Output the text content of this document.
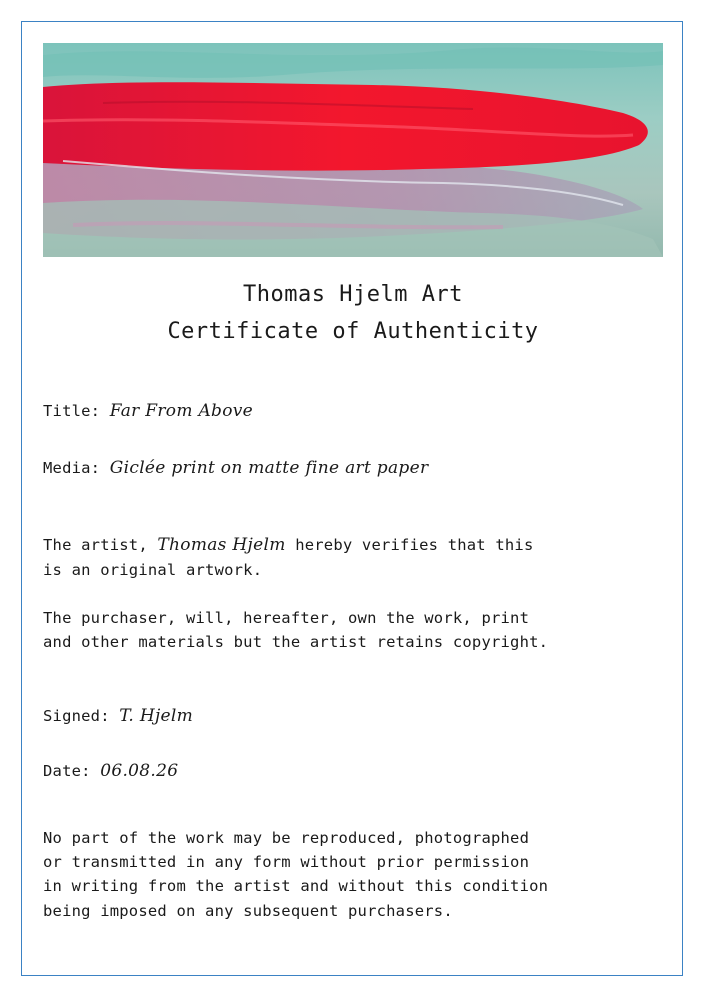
Thomas Hjelm Art
Certificate of Authenticity
Title: Far From Above
Media: Giclée print on matte fine art paper
The artist, Thomas Hjelm hereby verifies that this
is an original artwork.
The purchaser, will, hereafter, own the work, print
and other materials but the artist retains copyright.
Signed: T. Hjelm
Date: 06.08.26
No part of the work may be reproduced, photographed
or transmitted in any form without prior permission
in writing from the artist and without this condition
being imposed on any subsequent purchasers.
